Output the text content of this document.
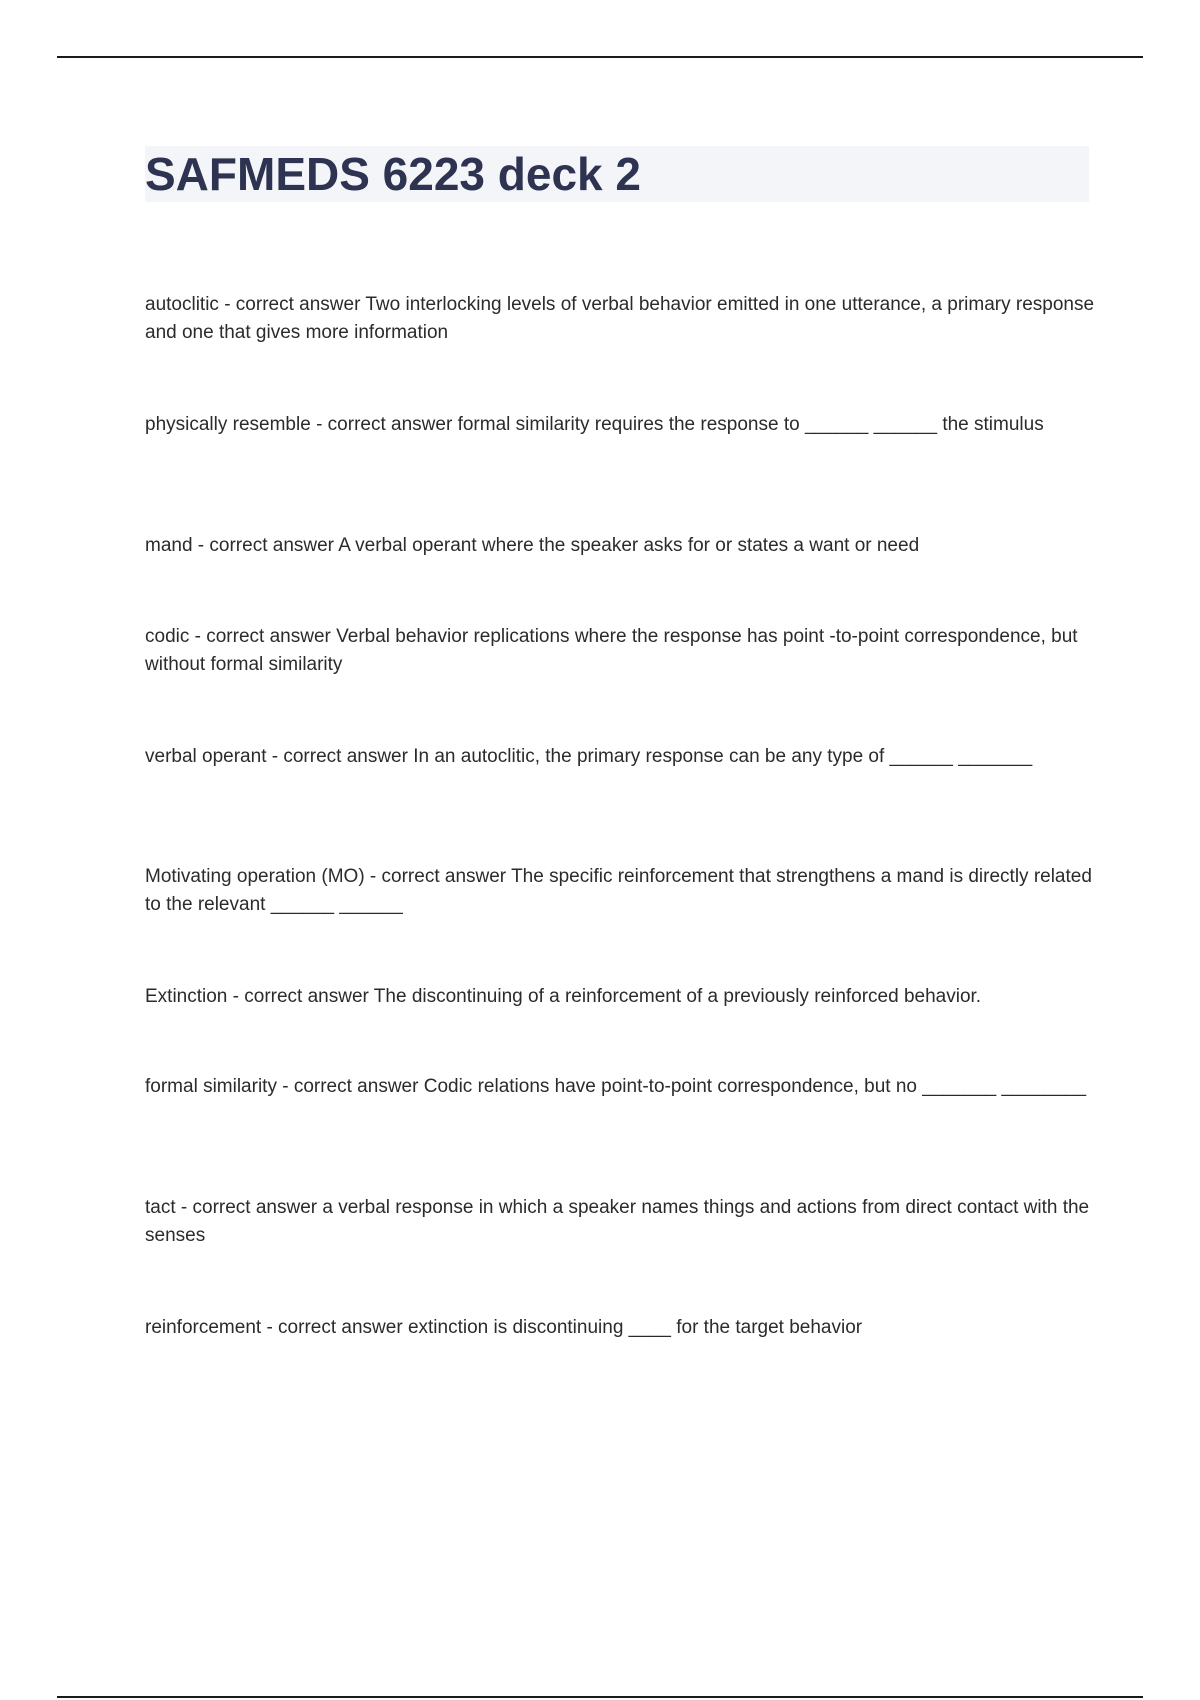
SAFMEDS 6223 deck 2

autoclitic - correct answer Two interlocking levels of verbal behavior emitted in one utterance, a primary response and one that gives more information

physically resemble - correct answer formal similarity requires the response to ______ ______ the stimulus

mand - correct answer A verbal operant where the speaker asks for or states a want or need

codic - correct answer Verbal behavior replications where the response has point -to-point correspondence, but without formal similarity

verbal operant - correct answer In an autoclitic, the primary response can be any type of ______ _______

Motivating operation (MO) - correct answer The specific reinforcement that strengthens a mand is directly related to the relevant ______ ______

Extinction - correct answer The discontinuing of a reinforcement of a previously reinforced behavior.

formal similarity - correct answer Codic relations have point-to-point correspondence, but no _______ ________

tact - correct answer a verbal response in which a speaker names things and actions from direct contact with the senses

reinforcement - correct answer extinction is discontinuing ____ for the target behavior
